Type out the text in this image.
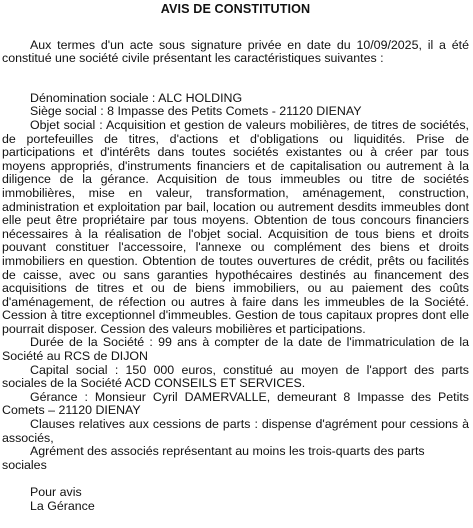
AVIS DE CONSTITUTION

Aux termes d'un acte sous signature privée en date du 10/09/2025, il a été constitué une société civile présentant les caractéristiques suivantes :

Dénomination sociale : ALC HOLDING

Siège social : 8 Impasse des Petits Comets - 21120 DIENAY

Objet social : Acquisition et gestion de valeurs mobilières, de titres de sociétés, de portefeuilles de titres, d'actions et d'obligations ou liquidités. Prise de participations et d'intérêts dans toutes sociétés existantes ou à créer par tous moyens appropriés, d'instruments financiers et de capitalisation ou autrement à la diligence de la gérance. Acquisition de tous immeubles ou titre de sociétés immobilières, mise en valeur, transformation, aménagement, construction, administration et exploitation par bail, location ou autrement desdits immeubles dont elle peut être propriétaire par tous moyens. Obtention de tous concours financiers nécessaires à la réalisation de l'objet social. Acquisition de tous biens et droits pouvant constituer l'accessoire, l'annexe ou complément des biens et droits immobiliers en question. Obtention de toutes ouvertures de crédit, prêts ou facilités de caisse, avec ou sans garanties hypothécaires destinés au financement des acquisitions de titres et ou de biens immobiliers, ou au paiement des coûts d'aménagement, de réfection ou autres à faire dans les immeubles de la Société. Cession à titre exceptionnel d'immeubles. Gestion de tous capitaux propres dont elle pourrait disposer. Cession des valeurs mobilières et participations.

Durée de la Société : 99 ans à compter de la date de l'immatriculation de la Société au RCS de DIJON

Capital social : 150 000 euros, constitué au moyen de l'apport des parts sociales de la Société ACD CONSEILS ET SERVICES.

Gérance : Monsieur Cyril DAMERVALLE, demeurant 8 Impasse des Petits Comets – 21120 DIENAY

Clauses relatives aux cessions de parts : dispense d'agrément pour cessions à associés,

Agrément des associés représentant au moins les trois-quarts des parts sociales

Pour avis
La Gérance
